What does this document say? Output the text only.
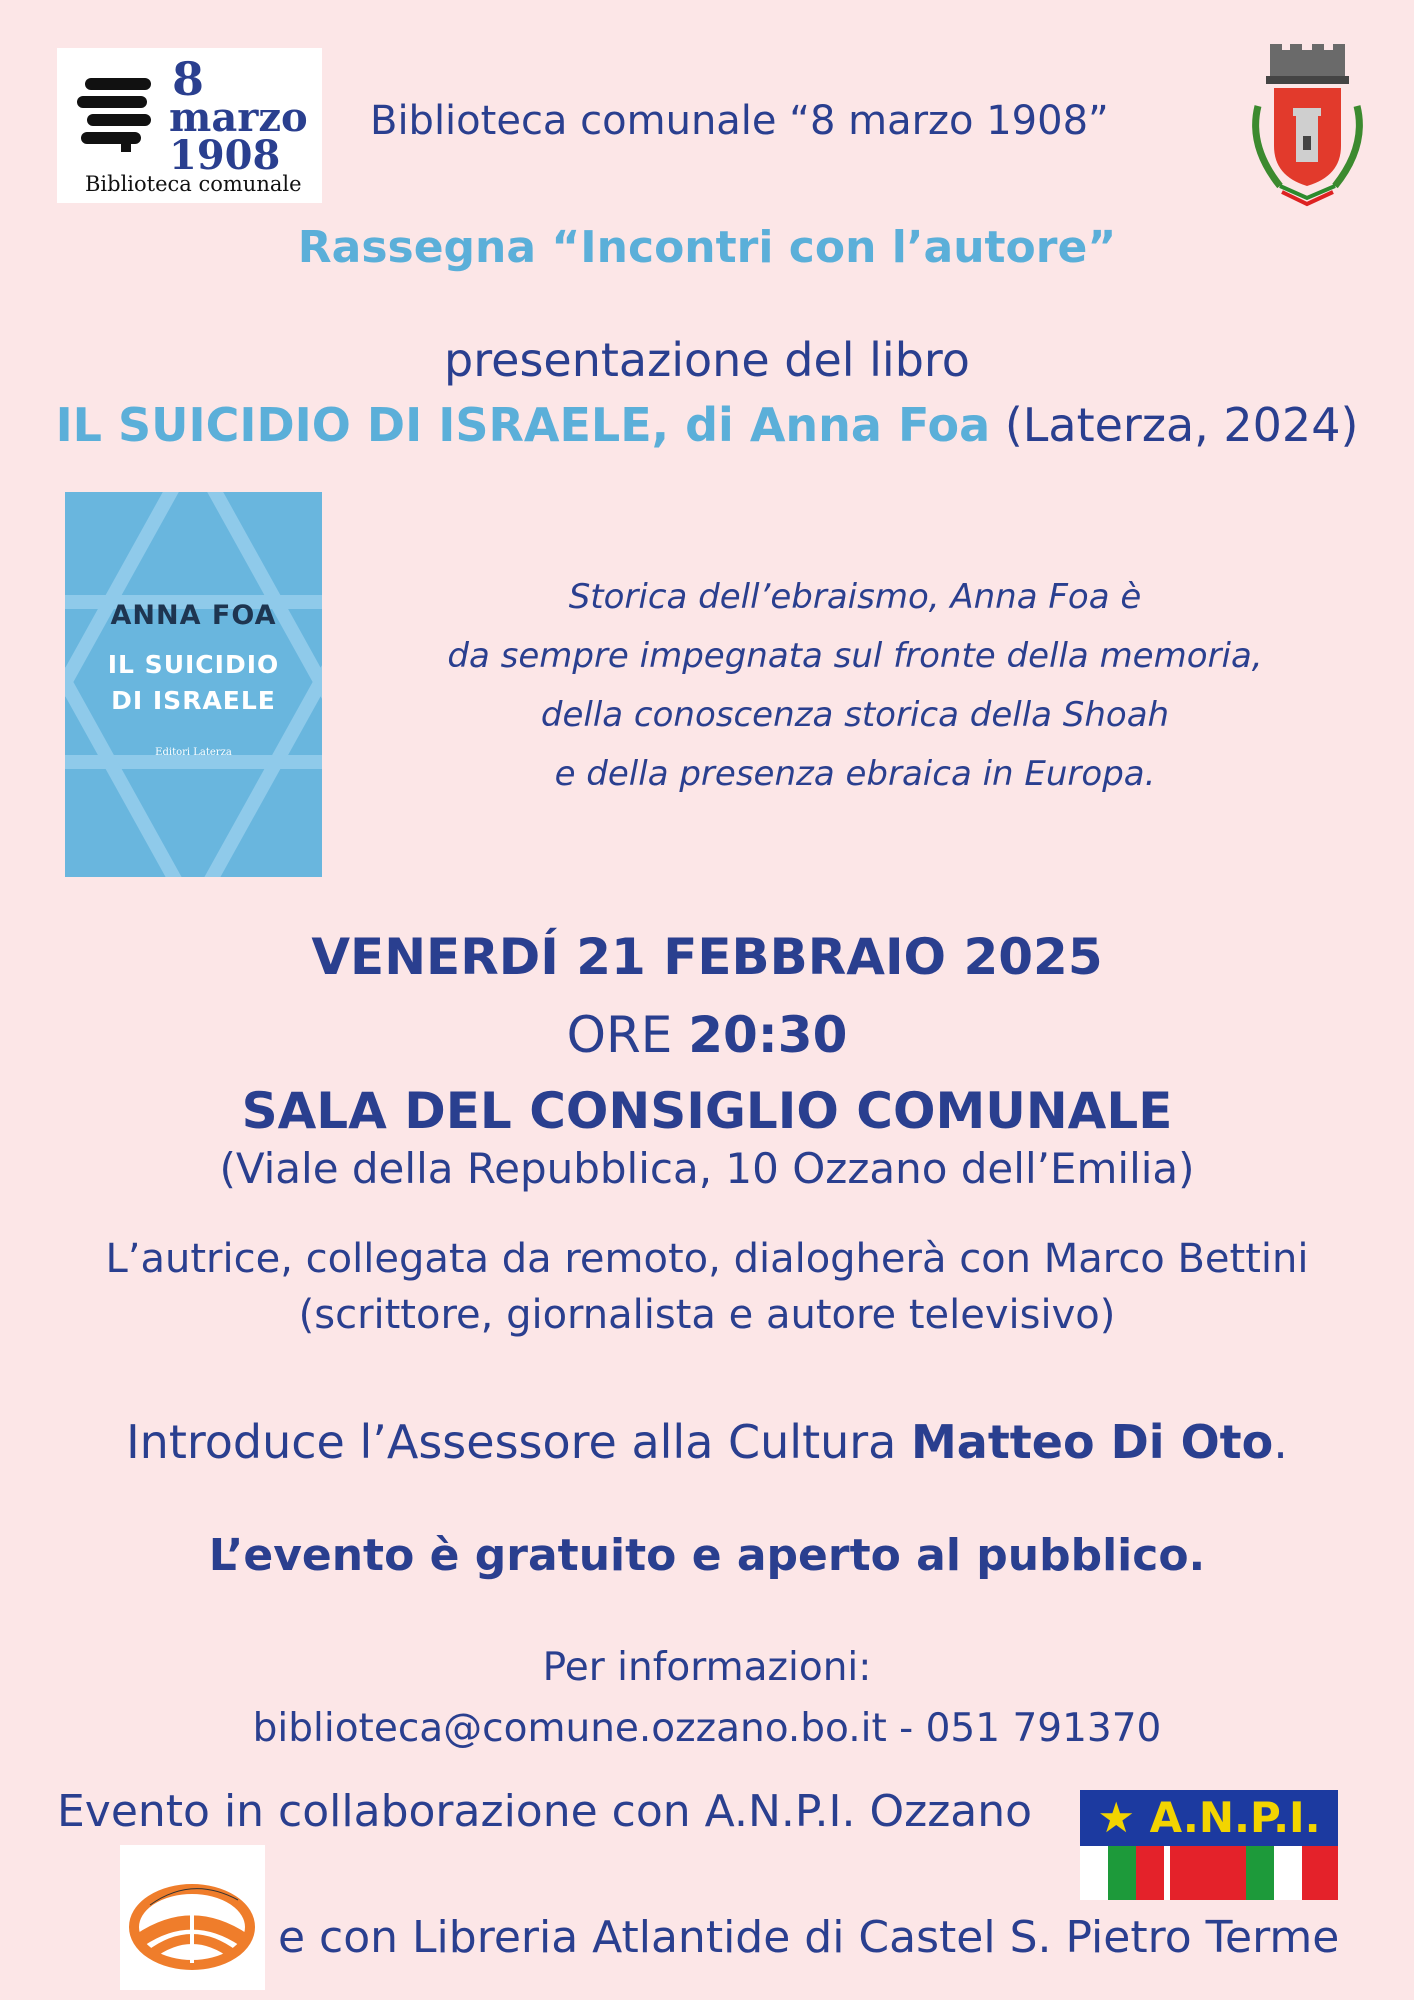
8
marzo
1908
Biblioteca comunale
Biblioteca comunale “8 marzo 1908”
Rassegna “Incontri con l’autore”
presentazione del libro
IL SUICIDIO DI ISRAELE, di Anna Foa (Laterza, 2024)
ANNA FOA
IL SUICIDIO
DI ISRAELE
Editori Laterza
Storica dell’ebraismo, Anna Foa è
da sempre impegnata sul fronte della memoria,
della conoscenza storica della Shoah
e della presenza ebraica in Europa.
VENERDÍ 21 FEBBRAIO 2025
ORE 20:30
SALA DEL CONSIGLIO COMUNALE
(Viale della Repubblica, 10 Ozzano dell’Emilia)
L’autrice, collegata da remoto, dialogherà con Marco Bettini
(scrittore, giornalista e autore televisivo)
Introduce l’Assessore alla Cultura Matteo Di Oto.
L’evento è gratuito e aperto al pubblico.
Per informazioni:
biblioteca@comune.ozzano.bo.it - 051 791370
Evento in collaborazione con A.N.P.I. Ozzano	★ A.N.P.I.
e con Libreria Atlantide di Castel S. Pietro Terme
